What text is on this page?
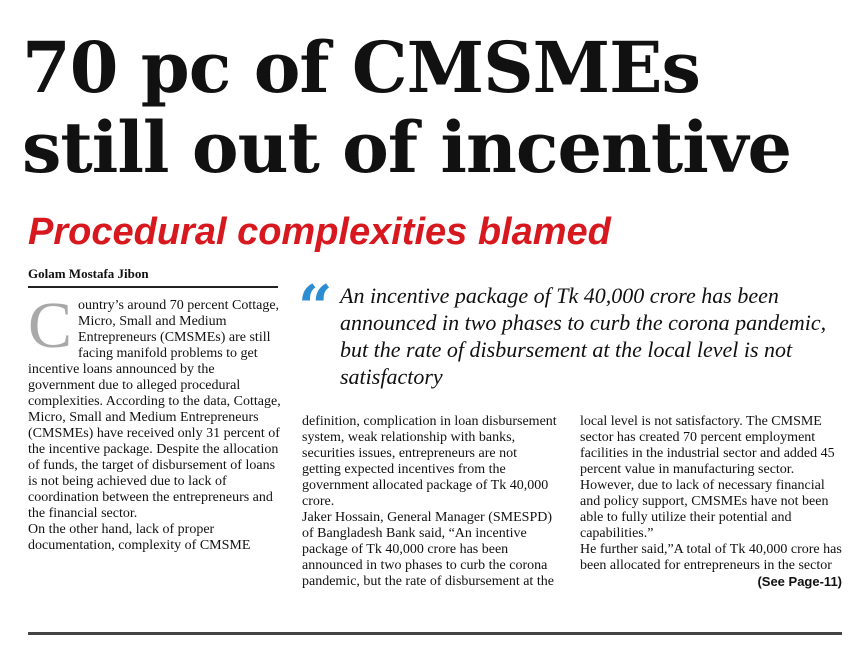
70 pc of CMSMEs
still out of incentive
Procedural complexities blamed
Golam Mostafa Jibon
C ountry’s around 70 percent Cottage, Micro, Small and Medium Entrepreneurs (CMSMEs) are still facing manifold problems to get incentive loans announced by the government due to alleged procedural complexities. According to the data, Cottage, Micro, Small and Medium Entrepreneurs (CMSMEs) have received only 31 percent of the incentive package. Despite the allocation of funds, the target of disbursement of loans is not being achieved due to lack of coordination between the entrepreneurs and the financial sector.

On the other hand, lack of proper documentation, complexity of CMSME

“ An incentive package of Tk 40,000 crore has been announced in two phases to curb the corona pandemic, but the rate of disbursement at the local level is not satisfactory

definition, complication in loan disbursement system, weak relationship with banks, securities issues, entrepreneurs are not getting expected incentives from the government allocated package of Tk 40,000 crore.

Jaker Hossain, General Manager (SMESPD) of Bangladesh Bank said, “An incentive package of Tk 40,000 crore has been announced in two phases to curb the corona pandemic, but the rate of disbursement at the

local level is not satisfactory. The CMSME sector has created 70 percent employment facilities in the industrial sector and added 45 percent value in manufacturing sector. However, due to lack of necessary financial and policy support, CMSMEs have not been able to fully utilize their potential and capabilities.”

He further said,”A total of Tk 40,000 crore has been allocated for entrepreneurs in the sector
(See Page-11)
